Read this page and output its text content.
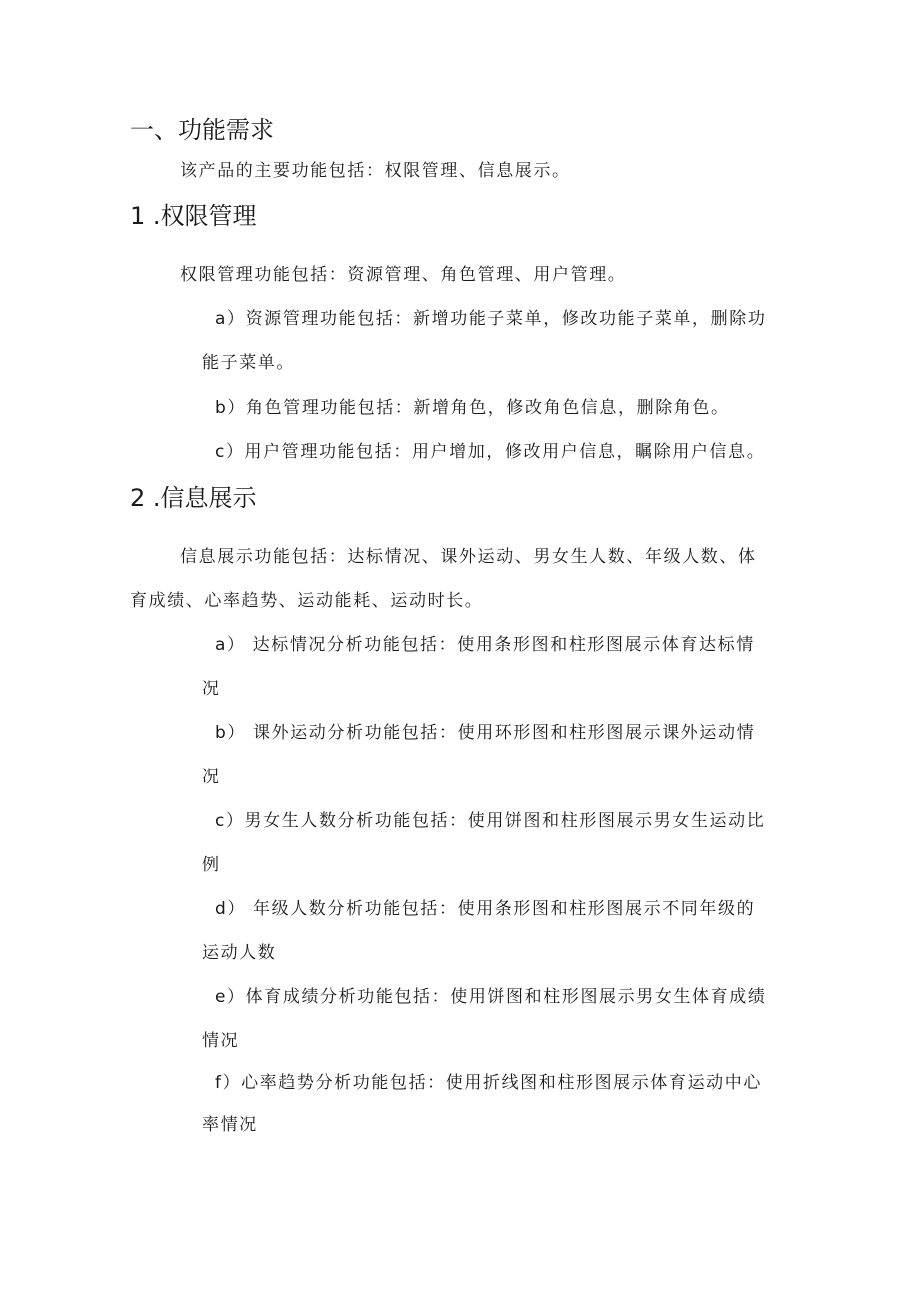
一、功能需求
该产品的主要功能包括：权限管理、信息展示。
1 .权限管理
权限管理功能包括：资源管理、角色管理、用户管理。
a）资源管理功能包括：新增功能子菜单，修改功能子菜单，删除功
能子菜单。
b）角色管理功能包括：新增角色，修改角色信息，删除角色。
c）用户管理功能包括：用户增加，修改用户信息，瞩除用户信息。
2 .信息展示
信息展示功能包括：达标情况、课外运动、男女生人数、年级人数、体
育成绩、心率趋势、运动能耗、运动时长。
a） 达标情况分析功能包括：使用条形图和柱形图展示体育达标情
况
b） 课外运动分析功能包括：使用环形图和柱形图展示课外运动情
况
c）男女生人数分析功能包括：使用饼图和柱形图展示男女生运动比
例
d） 年级人数分析功能包括：使用条形图和柱形图展示不同年级的
运动人数
e）体育成绩分析功能包括：使用饼图和柱形图展示男女生体育成绩
情况
f）心率趋势分析功能包括：使用折线图和柱形图展示体育运动中心
率情况
